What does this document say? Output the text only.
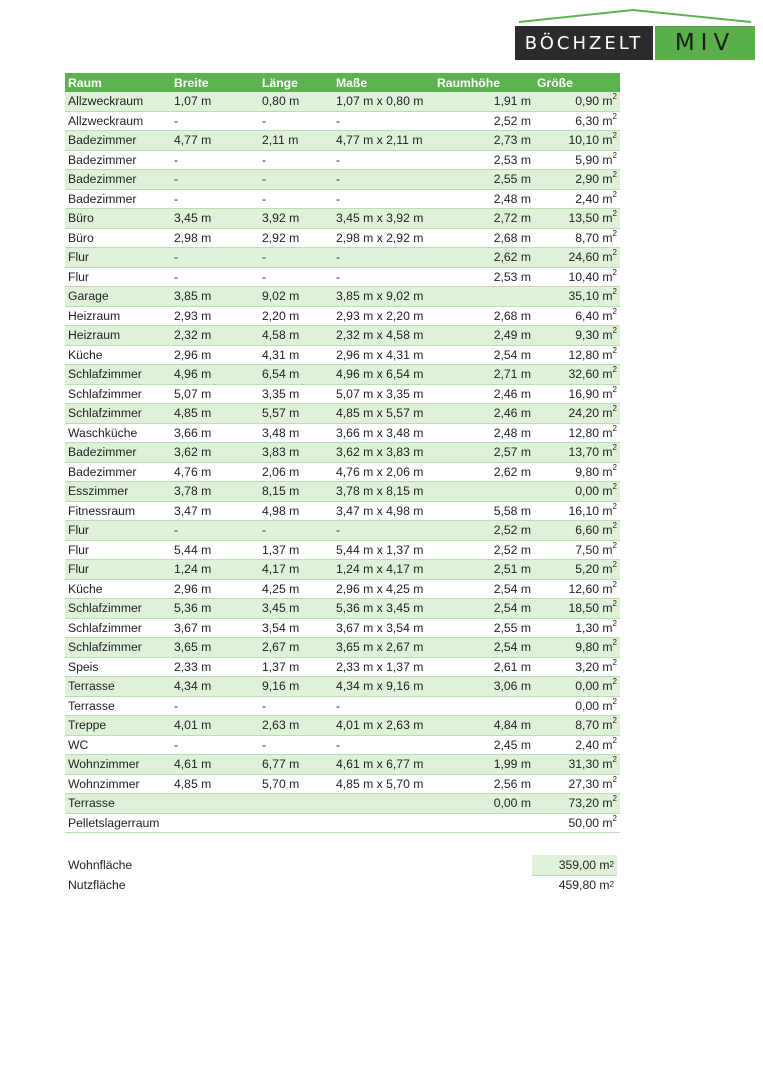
BÖCHZELT	MIV
Raum	Breite	Länge	Maße	Raumhöhe	Größe
Allzweckraum	1,07 m	0,80 m	1,07 m x 0,80 m	1,91 m	0,90 $m^2$
Allzweckraum	-	-	-	2,52 m	6,30 $m^2$
Badezimmer	4,77 m	2,11 m	4,77 m x 2,11 m	2,73 m	10,10 $m^2$
Badezimmer	-	-	-	2,53 m	5,90 $m^2$
Badezimmer	-	-	-	2,55 m	2,90 $m^2$
Badezimmer	-	-	-	2,48 m	2,40 $m^2$
Büro	3,45 m	3,92 m	3,45 m x 3,92 m	2,72 m	13,50 $m^2$
Büro	2,98 m	2,92 m	2,98 m x 2,92 m	2,68 m	8,70 $m^2$
Flur	-	-	-	2,62 m	24,60 $m^2$
Flur	-	-	-	2,53 m	10,40 $m^2$
Garage	3,85 m	9,02 m	3,85 m x 9,02 m		35,10 $m^2$
Heizraum	2,93 m	2,20 m	2,93 m x 2,20 m	2,68 m	6,40 $m^2$
Heizraum	2,32 m	4,58 m	2,32 m x 4,58 m	2,49 m	9,30 $m^2$
Küche	2,96 m	4,31 m	2,96 m x 4,31 m	2,54 m	12,80 $m^2$
Schlafzimmer	4,96 m	6,54 m	4,96 m x 6,54 m	2,71 m	32,60 $m^2$
Schlafzimmer	5,07 m	3,35 m	5,07 m x 3,35 m	2,46 m	16,90 $m^2$
Schlafzimmer	4,85 m	5,57 m	4,85 m x 5,57 m	2,46 m	24,20 $m^2$
Waschküche	3,66 m	3,48 m	3,66 m x 3,48 m	2,48 m	12,80 $m^2$
Badezimmer	3,62 m	3,83 m	3,62 m x 3,83 m	2,57 m	13,70 $m^2$
Badezimmer	4,76 m	2,06 m	4,76 m x 2,06 m	2,62 m	9,80 $m^2$
Esszimmer	3,78 m	8,15 m	3,78 m x 8,15 m		0,00 $m^2$
Fitnessraum	3,47 m	4,98 m	3,47 m x 4,98 m	5,58 m	16,10 $m^2$
Flur	-	-	-	2,52 m	6,60 $m^2$
Flur	5,44 m	1,37 m	5,44 m x 1,37 m	2,52 m	7,50 $m^2$
Flur	1,24 m	4,17 m	1,24 m x 4,17 m	2,51 m	5,20 $m^2$
Küche	2,96 m	4,25 m	2,96 m x 4,25 m	2,54 m	12,60 $m^2$
Schlafzimmer	5,36 m	3,45 m	5,36 m x 3,45 m	2,54 m	18,50 $m^2$
Schlafzimmer	3,67 m	3,54 m	3,67 m x 3,54 m	2,55 m	1,30 $m^2$
Schlafzimmer	3,65 m	2,67 m	3,65 m x 2,67 m	2,54 m	9,80 $m^2$
Speis	2,33 m	1,37 m	2,33 m x 1,37 m	2,61 m	3,20 $m^2$
Terrasse	4,34 m	9,16 m	4,34 m x 9,16 m	3,06 m	0,00 $m^2$
Terrasse	-	-	-		0,00 $m^2$
Treppe	4,01 m	2,63 m	4,01 m x 2,63 m	4,84 m	8,70 $m^2$
WC	-	-	-	2,45 m	2,40 $m^2$
Wohnzimmer	4,61 m	6,77 m	4,61 m x 6,77 m	1,99 m	31,30 $m^2$
Wohnzimmer	4,85 m	5,70 m	4,85 m x 5,70 m	2,56 m	27,30 $m^2$
Terrasse				0,00 m	73,20 $m^2$
Pelletslagerraum					50,00 $m^2$
Wohnfläche	359,00 m 2
Nutzfläche	459,80 m 2
